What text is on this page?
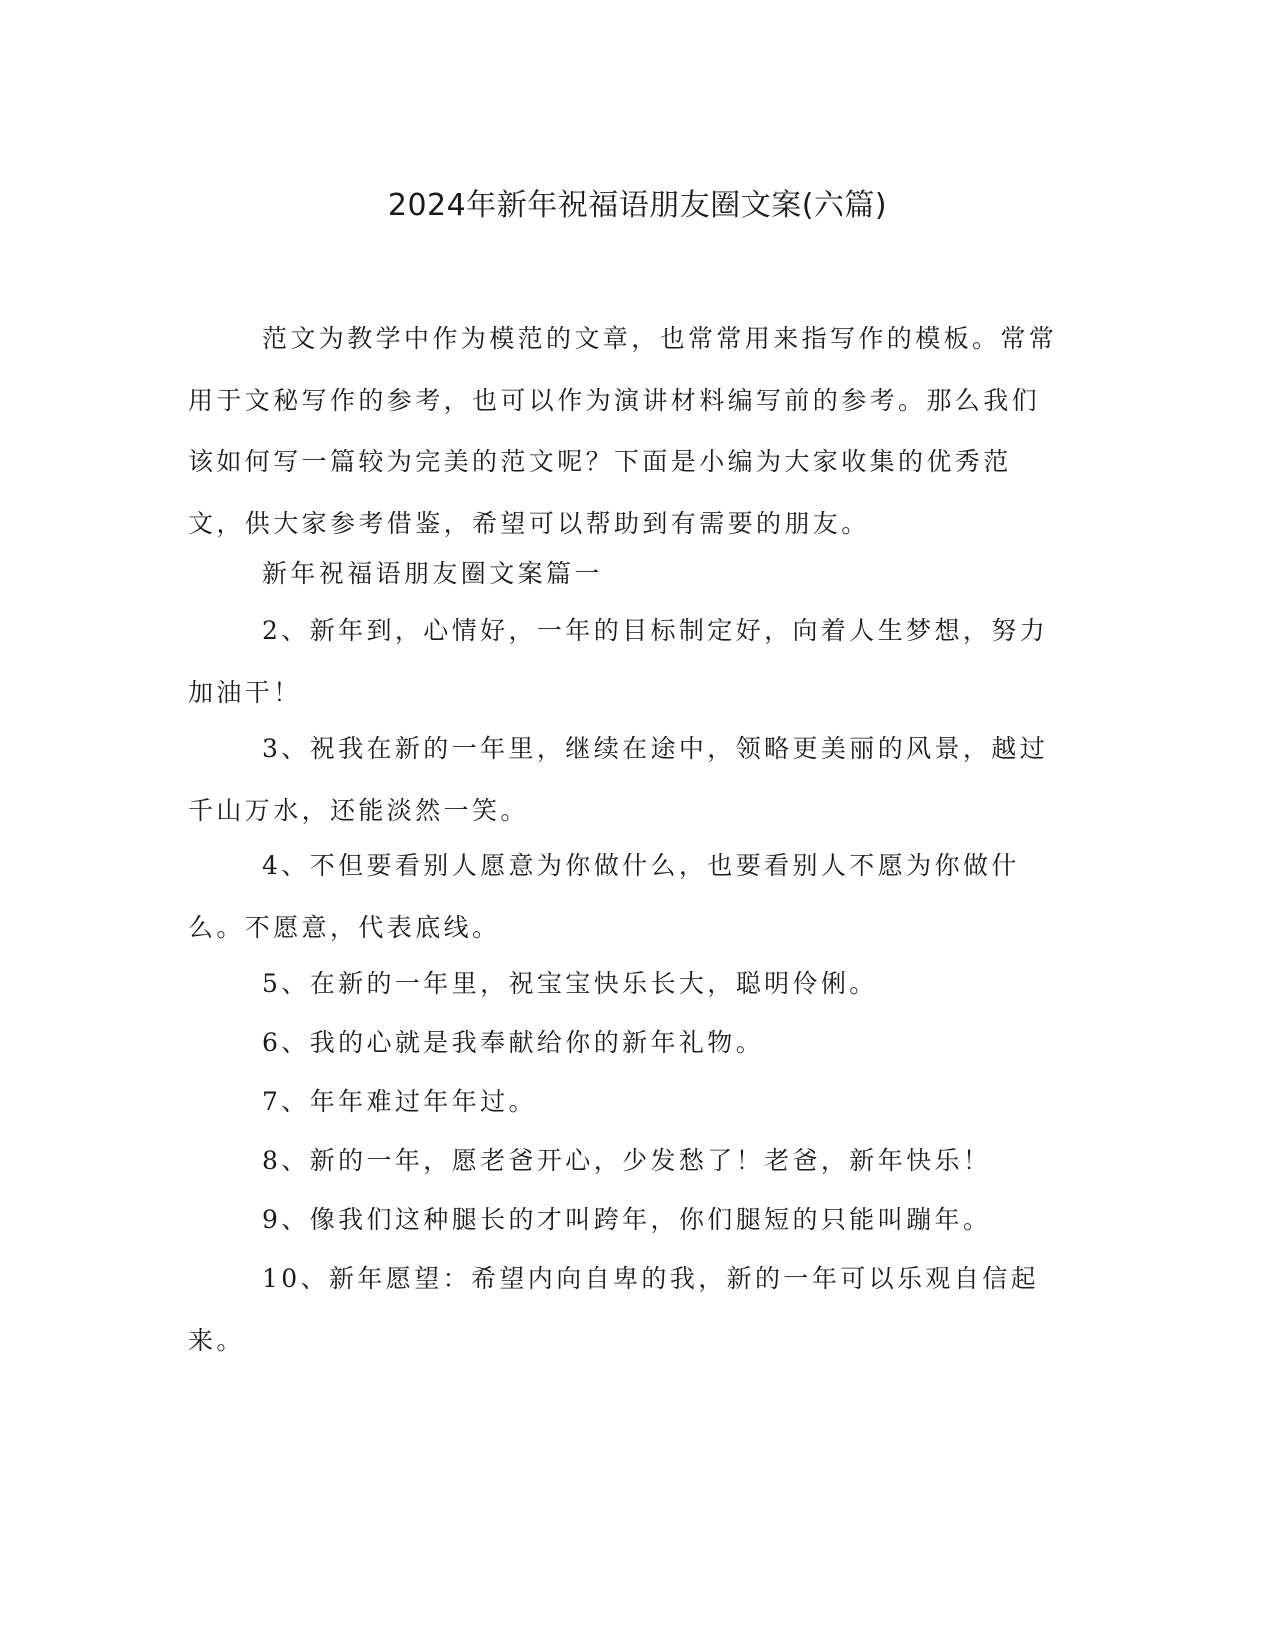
2024年新年祝福语朋友圈文案(六篇)

范文为教学中作为模范的文章，也常常用来指写作的模板。常常用于文秘写作的参考，也可以作为演讲材料编写前的参考。那么我们该如何写一篇较为完美的范文呢？下面是小编为大家收集的优秀范文，供大家参考借鉴，希望可以帮助到有需要的朋友。

新年祝福语朋友圈文案篇一

2、新年到，心情好，一年的目标制定好，向着人生梦想，努力加油干！

3、祝我在新的一年里，继续在途中，领略更美丽的风景，越过千山万水，还能淡然一笑。

4、不但要看别人愿意为你做什么，也要看别人不愿为你做什么。不愿意，代表底线。

5、在新的一年里，祝宝宝快乐长大，聪明伶俐。

6、我的心就是我奉献给你的新年礼物。

7、年年难过年年过。

8、新的一年，愿老爸开心，少发愁了！老爸，新年快乐！

9、像我们这种腿长的才叫跨年，你们腿短的只能叫蹦年。

10、新年愿望：希望内向自卑的我，新的一年可以乐观自信起来。
